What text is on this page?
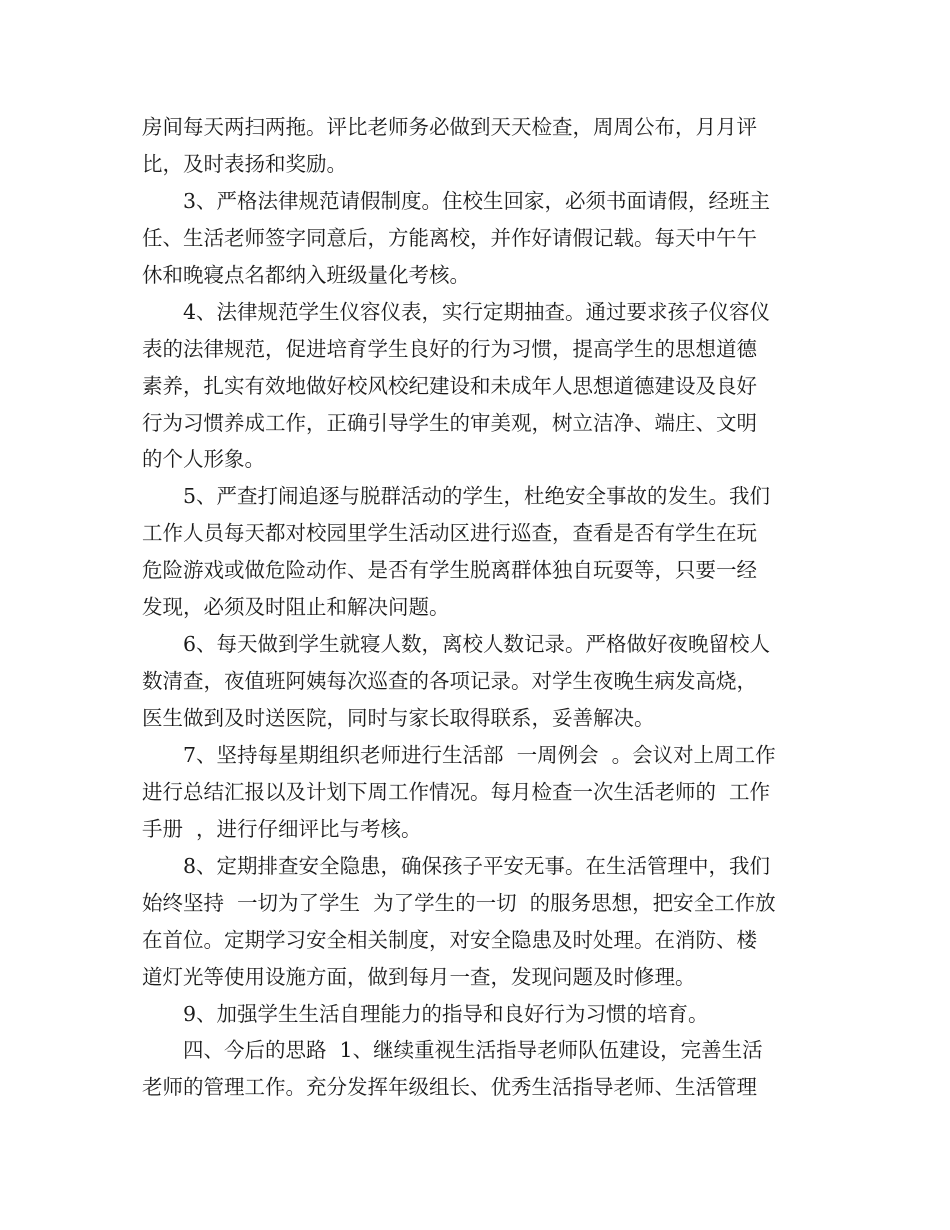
房间每天两扫两拖。评比老师务必做到天天检查，周周公布，月月评
比，及时表扬和奖励。
3、严格法律规范请假制度。住校生回家，必须书面请假，经班主
任、生活老师签字同意后，方能离校，并作好请假记载。每天中午午
休和晚寝点名都纳入班级量化考核。
4、法律规范学生仪容仪表，实行定期抽查。通过要求孩子仪容仪
表的法律规范，促进培育学生良好的行为习惯，提高学生的思想道德
素养，扎实有效地做好校风校纪建设和未成年人思想道德建设及良好
行为习惯养成工作，正确引导学生的审美观，树立洁净、端庄、文明
的个人形象。
5、严查打闹追逐与脱群活动的学生，杜绝安全事故的发生。我们
工作人员每天都对校园里学生活动区进行巡查，查看是否有学生在玩
危险游戏或做危险动作、是否有学生脱离群体独自玩耍等，只要一经
发现，必须及时阻止和解决问题。
6、每天做到学生就寝人数，离校人数记录。严格做好夜晚留校人
数清查，夜值班阿姨每次巡查的各项记录。对学生夜晚生病发高烧，
医生做到及时送医院，同时与家长取得联系，妥善解决。
7、坚持每星期组织老师进行生活部  一周例会  。会议对上周工作
进行总结汇报以及计划下周工作情况。每月检查一次生活老师的  工作
手册  ，进行仔细评比与考核。
8、定期排查安全隐患，确保孩子平安无事。在生活管理中，我们
始终坚持  一切为了学生  为了学生的一切  的服务思想，把安全工作放
在首位。定期学习安全相关制度，对安全隐患及时处理。在消防、楼
道灯光等使用设施方面，做到每月一查，发现问题及时修理。
9、加强学生生活自理能力的指导和良好行为习惯的培育。
四、今后的思路  1、继续重视生活指导老师队伍建设，完善生活
老师的管理工作。充分发挥年级组长、优秀生活指导老师、生活管理
